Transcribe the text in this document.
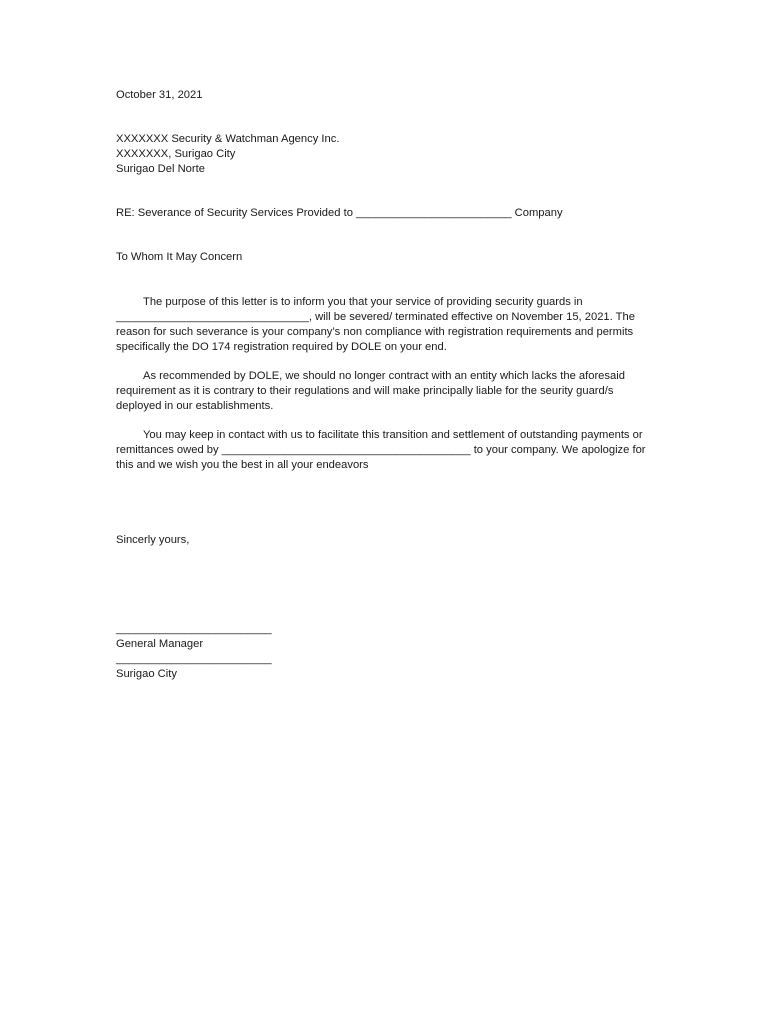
October 31, 2021
XXXXXXX Security & Watchman Agency Inc.
XXXXXXX, Surigao City
Surigao Del Norte
RE: Severance of Security Services Provided to _________________________ Company
To Whom It May Concern
The purpose of this letter is to inform you that your service of providing security guards in _______________________________, will be severed/ terminated effective on November 15, 2021. The reason for such severance is your company’s non compliance with registration requirements and permits specifically the DO 174 registration required by DOLE on your end.
As recommended by DOLE, we should no longer contract with an entity which lacks the aforesaid requirement as it is contrary to their regulations and will make principally liable for the seurity guard/s deployed in our establishments.
You may keep in contact with us to facilitate this transition and settlement of outstanding payments or remittances owed by ________________________________________ to your company. We apologize for this and we wish you the best in all your endeavors
Sincerly yours,
_________________________
General Manager
_________________________
Surigao City
